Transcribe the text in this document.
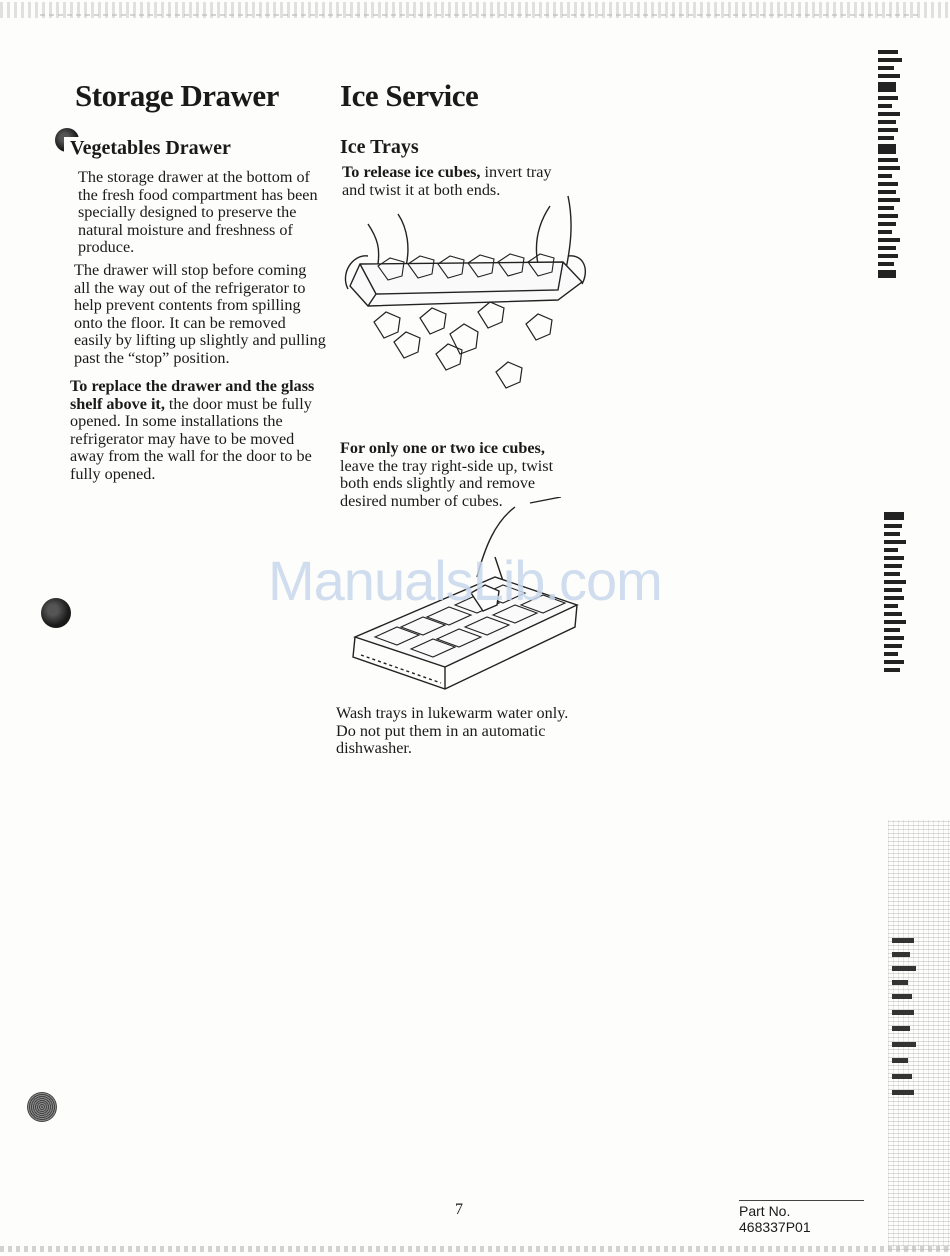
Storage Drawer
Vegetables Drawer

The storage drawer at the bottom of the fresh food compartment has been specially designed to preserve the natural moisture and freshness of produce.

The drawer will stop before coming all the way out of the refrigerator to help prevent contents from spilling onto the floor. It can be removed easily by lifting up slightly and pulling past the “stop” position.

To replace the drawer and the glass shelf above it, the door must be fully opened. In some installations the refrigerator may have to be moved away from the wall for the door to be fully opened.

Ice Service
Ice Trays

To release ice cubes, invert tray and twist it at both ends.

For only one or two ice cubes, leave the tray right-side up, twist both ends slightly and remove desired number of cubes.

Wash trays in lukewarm water only. Do not put them in an automatic dishwasher.

ManualsLib.com
7	Part No. 468337P01
